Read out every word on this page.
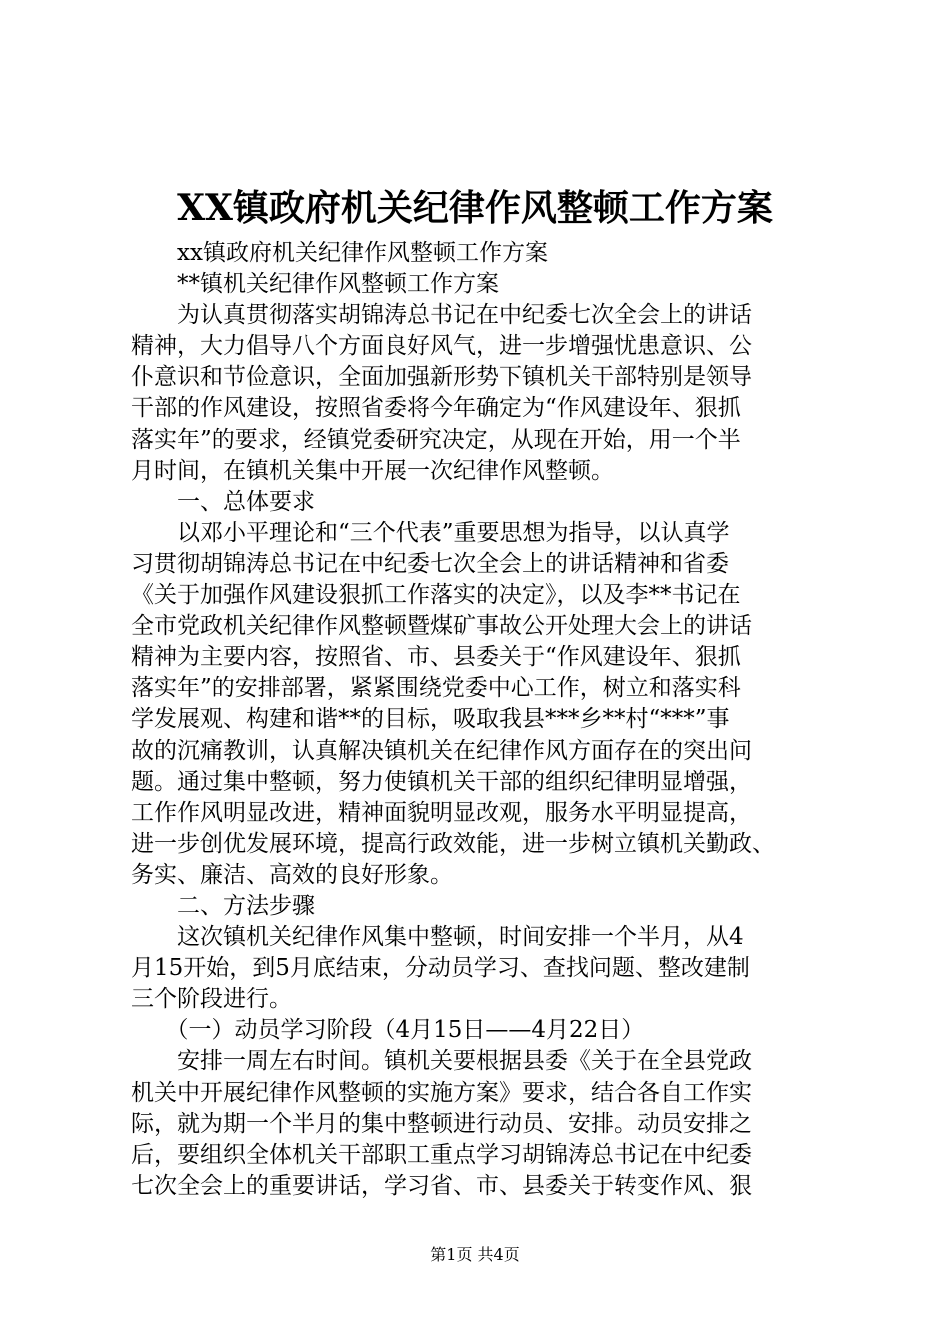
XX镇政府机关纪律作风整顿工作方案
　　xx镇政府机关纪律作风整顿工作方案
　　**镇机关纪律作风整顿工作方案
　　为认真贯彻落实胡锦涛总书记在中纪委七次全会上的讲话
精神，大力倡导八个方面良好风气，进一步增强忧患意识、公
仆意识和节俭意识，全面加强新形势下镇机关干部特别是领导
干部的作风建设，按照省委将今年确定为“作风建设年、狠抓
落实年”的要求，经镇党委研究决定，从现在开始，用一个半
月时间，在镇机关集中开展一次纪律作风整顿。
　　一、总体要求
　　以邓小平理论和“三个代表”重要思想为指导，以认真学
习贯彻胡锦涛总书记在中纪委七次全会上的讲话精神和省委
《关于加强作风建设狠抓工作落实的决定》，以及李**书记在
全市党政机关纪律作风整顿暨煤矿事故公开处理大会上的讲话
精神为主要内容，按照省、市、县委关于“作风建设年、狠抓
落实年”的安排部署，紧紧围绕党委中心工作，树立和落实科
学发展观、构建和谐**的目标，吸取我县***乡**村“***”事
故的沉痛教训，认真解决镇机关在纪律作风方面存在的突出问
题。通过集中整顿，努力使镇机关干部的组织纪律明显增强，
工作作风明显改进，精神面貌明显改观，服务水平明显提高，
进一步创优发展环境，提高行政效能，进一步树立镇机关勤政、
务实、廉洁、高效的良好形象。
　　二、方法步骤
　　这次镇机关纪律作风集中整顿，时间安排一个半月，从4
月15开始，到5月底结束，分动员学习、查找问题、整改建制
三个阶段进行。
　　（一）动员学习阶段（4月15日——4月22日）
　　安排一周左右时间。镇机关要根据县委《关于在全县党政
机关中开展纪律作风整顿的实施方案》要求，结合各自工作实
际，就为期一个半月的集中整顿进行动员、安排。动员安排之
后，要组织全体机关干部职工重点学习胡锦涛总书记在中纪委
七次全会上的重要讲话，学习省、市、县委关于转变作风、狠
第1页 共4页
